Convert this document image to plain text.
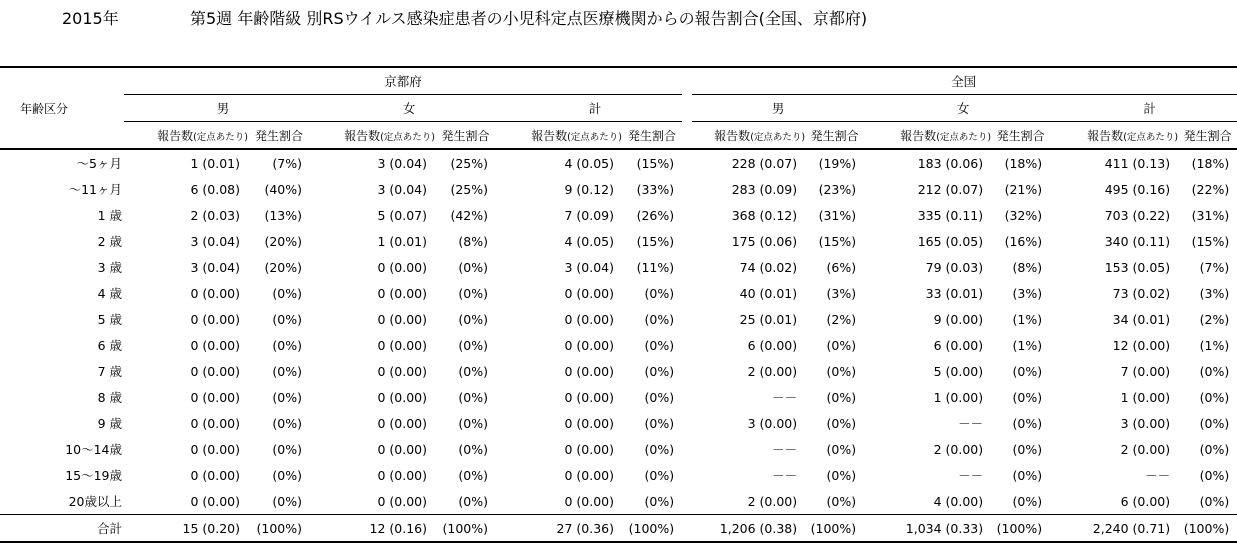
2015年	第5週 年齢階級 別RSウイルス感染症患者の小児科定点医療機関からの報告割合(全国、京都府)
年齢区分	京都府									全国								
		男			女			計			男			女			計	
		報告数(定点あたり)	発生割合		報告数(定点あたり)	発生割合		報告数(定点あたり)	発生割合		報告数(定点あたり)	発生割合		報告数(定点あたり)	発生割合		報告数(定点あたり)	発生割合
～5ヶ月		1 (0.01)	(7%)		3 (0.04)	(25%)		4 (0.05)	(15%)		228 (0.07)	(19%)		183 (0.06)	(18%)		411 (0.13)	(18%)
～11ヶ月		6 (0.08)	(40%)		3 (0.04)	(25%)		9 (0.12)	(33%)		283 (0.09)	(23%)		212 (0.07)	(21%)		495 (0.16)	(22%)
1 歳		2 (0.03)	(13%)		5 (0.07)	(42%)		7 (0.09)	(26%)		368 (0.12)	(31%)		335 (0.11)	(32%)		703 (0.22)	(31%)
2 歳		3 (0.04)	(20%)		1 (0.01)	(8%)		4 (0.05)	(15%)		175 (0.06)	(15%)		165 (0.05)	(16%)		340 (0.11)	(15%)
3 歳		3 (0.04)	(20%)		0 (0.00)	(0%)		3 (0.04)	(11%)		74 (0.02)	(6%)		79 (0.03)	(8%)		153 (0.05)	(7%)
4 歳		0 (0.00)	(0%)		0 (0.00)	(0%)		0 (0.00)	(0%)		40 (0.01)	(3%)		33 (0.01)	(3%)		73 (0.02)	(3%)
5 歳		0 (0.00)	(0%)		0 (0.00)	(0%)		0 (0.00)	(0%)		25 (0.01)	(2%)		9 (0.00)	(1%)		34 (0.01)	(2%)
6 歳		0 (0.00)	(0%)		0 (0.00)	(0%)		0 (0.00)	(0%)		6 (0.00)	(0%)		6 (0.00)	(1%)		12 (0.00)	(1%)
7 歳		0 (0.00)	(0%)		0 (0.00)	(0%)		0 (0.00)	(0%)		2 (0.00)	(0%)		5 (0.00)	(0%)		7 (0.00)	(0%)
8 歳		0 (0.00)	(0%)		0 (0.00)	(0%)		0 (0.00)	(0%)		－－	(0%)		1 (0.00)	(0%)		1 (0.00)	(0%)
9 歳		0 (0.00)	(0%)		0 (0.00)	(0%)		0 (0.00)	(0%)		3 (0.00)	(0%)		－－	(0%)		3 (0.00)	(0%)
10～14歳		0 (0.00)	(0%)		0 (0.00)	(0%)		0 (0.00)	(0%)		－－	(0%)		2 (0.00)	(0%)		2 (0.00)	(0%)
15～19歳		0 (0.00)	(0%)		0 (0.00)	(0%)		0 (0.00)	(0%)		－－	(0%)		－－	(0%)		－－	(0%)
20歳以上		0 (0.00)	(0%)		0 (0.00)	(0%)		0 (0.00)	(0%)		2 (0.00)	(0%)		4 (0.00)	(0%)		6 (0.00)	(0%)
合計		15 (0.20)	(100%)		12 (0.16)	(100%)		27 (0.36)	(100%)		1,206 (0.38)	(100%)		1,034 (0.33)	(100%)		2,240 (0.71)	(100%)
